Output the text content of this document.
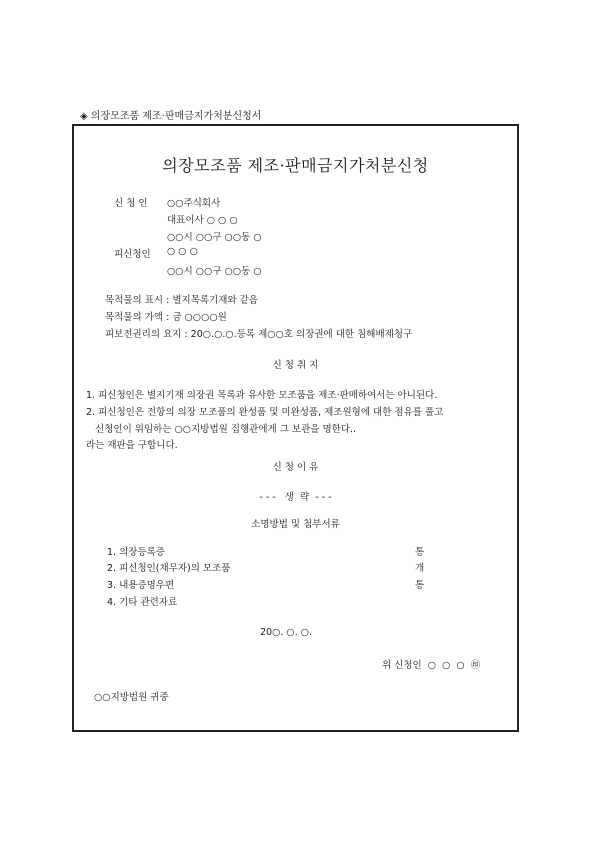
◈ 의장모조품 제조·판매금지가처분신청서
의장모조품 제조·판매금지가처분신청
신 청 인 ○○주식회사
대표이사 ○ ○ ○
○○시 ○○구 ○○동 ○
피신청인 ○ ○ ○
○○시 ○○구 ○○동 ○
목적물의 표시 : 별지목록기재와 같음
목적물의 가액 : 금 ○○○○원
피보전권리의 요지 : 20○.○.○.등록 제○○호 의장권에 대한 침해배제청구
신 청 취 지
1. 피신청인은 별지기재 의장권 목록과 유사한 모조품을 제조·판매하여서는 아니된다.
2. 피신청인은 전항의 의장 모조품의 완성품 및 미완성품, 제조원형에 대한 점유를 풀고
신청인이 위임하는 ○○지방법원 집행관에게 그 보관을 명한다..
라는 재판을 구합니다.
신 청 이 유
- - -   생  략  - - -
소명방법 및 첨부서류
1. 의장등록증	통
2. 피신청인(채무자)의 모조품	개
3. 내용증명우편	통
4. 기타 관련자료
20○. ○. ○.
위 신청인  ○  ○  ○  ㊞
○○지방법원 귀중
